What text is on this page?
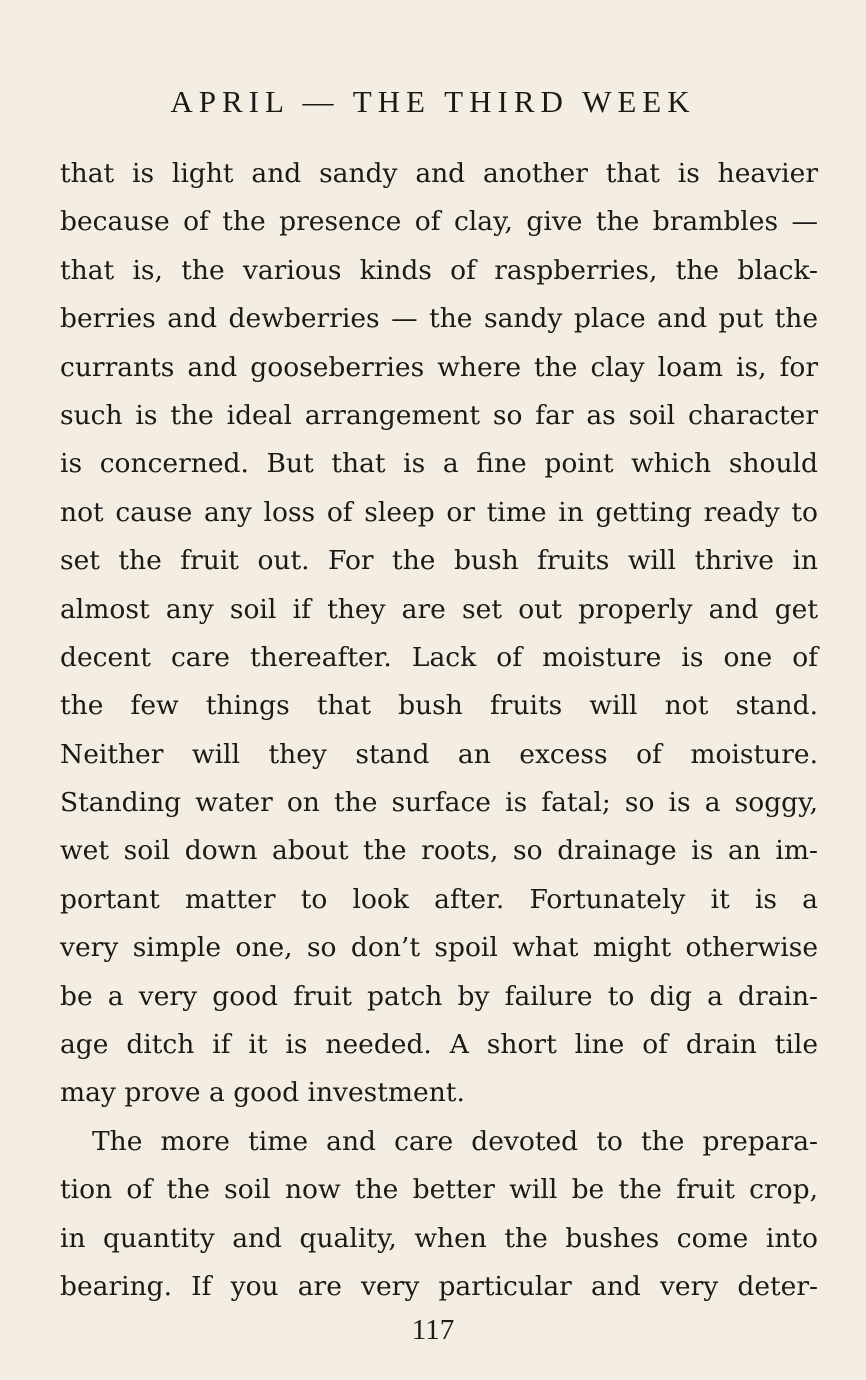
APRIL — THE THIRD WEEK
that is light and sandy and another that is heavier
because of the presence of clay, give the brambles —
that is, the various kinds of raspberries, the black-
berries and dewberries — the sandy place and put the
currants and gooseberries where the clay loam is, for
such is the ideal arrangement so far as soil character
is concerned. But that is a fine point which should
not cause any loss of sleep or time in getting ready to
set the fruit out. For the bush fruits will thrive in
almost any soil if they are set out properly and get
decent care thereafter. Lack of moisture is one of
the few things that bush fruits will not stand.
Neither will they stand an excess of moisture.
Standing water on the surface is fatal; so is a soggy,
wet soil down about the roots, so drainage is an im-
portant matter to look after. Fortunately it is a
very simple one, so don’t spoil what might otherwise
be a very good fruit patch by failure to dig a drain-
age ditch if it is needed. A short line of drain tile
may prove a good investment.
The more time and care devoted to the prepara-
tion of the soil now the better will be the fruit crop,
in quantity and quality, when the bushes come into
bearing. If you are very particular and very deter-
117
